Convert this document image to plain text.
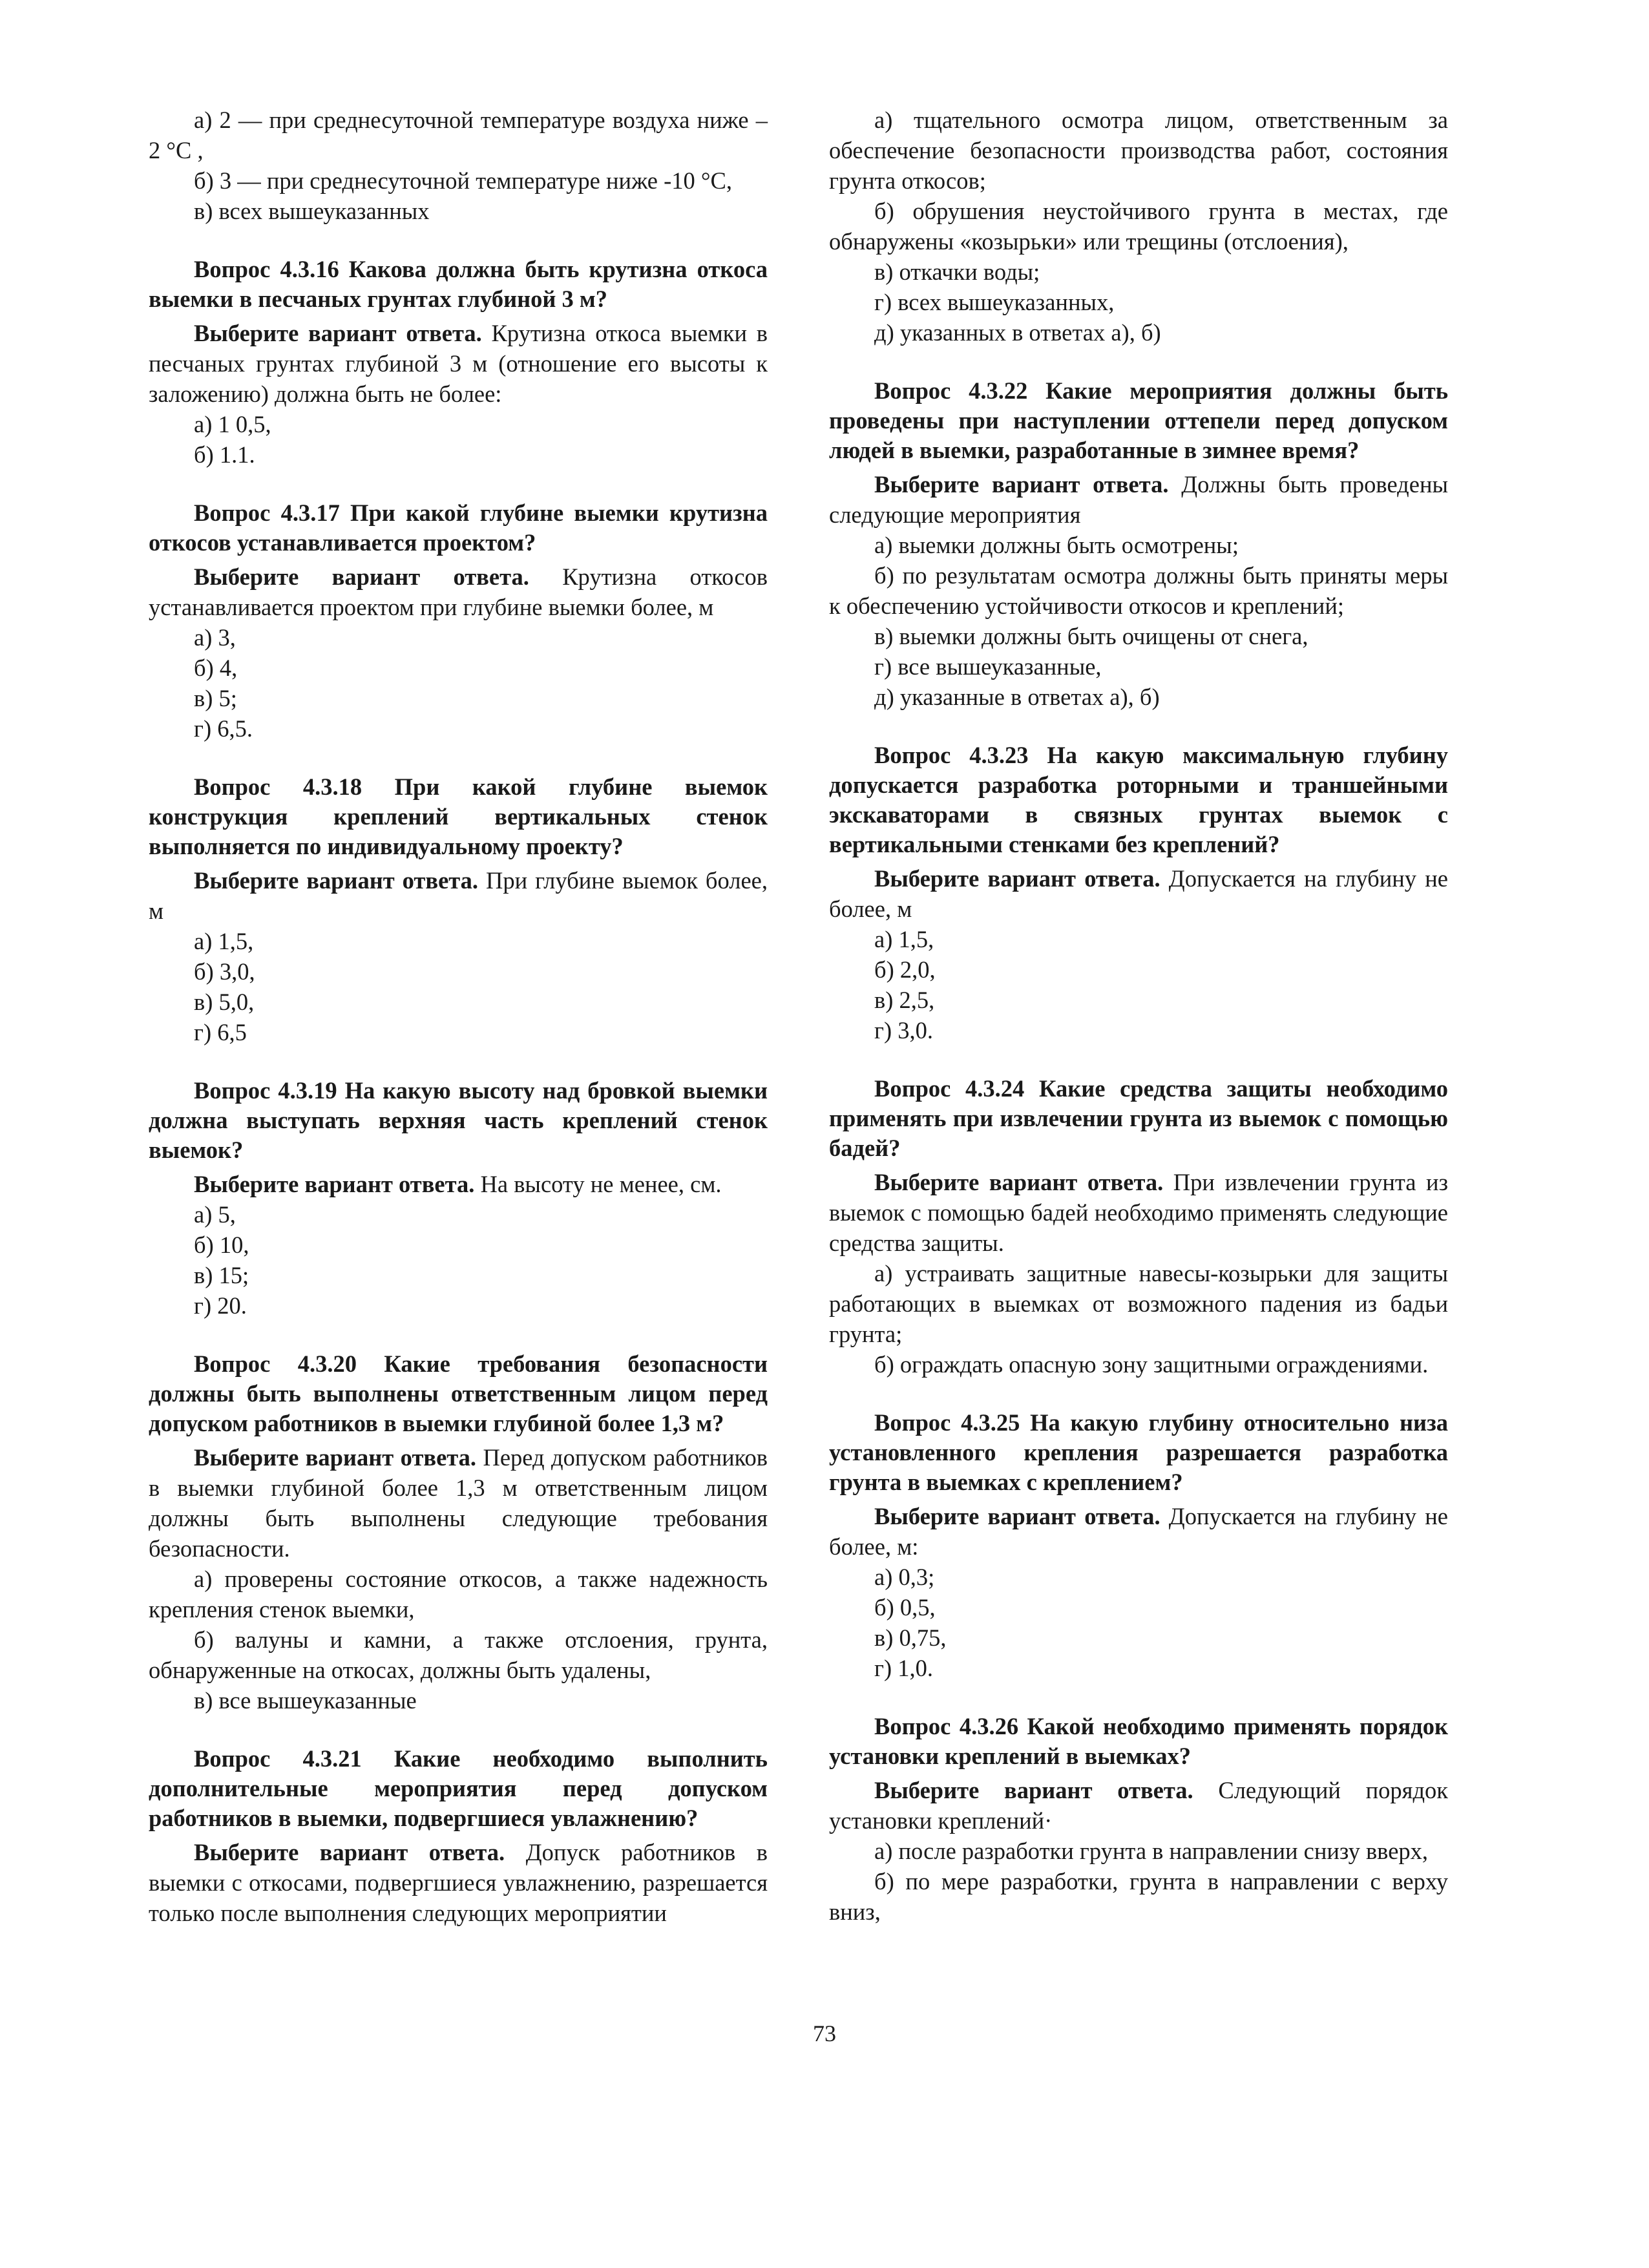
а) 2 — при среднесуточной температуре воздуха ниже –2 °С ,

б) 3 — при среднесуточной температуре ниже -10 °С,

в) всех вышеуказанных

Вопрос 4.3.16 Какова должна быть крутизна откоса выемки в песчаных грунтах глубиной 3 м?

Выберите вариант ответа. Крутизна откоса выемки в песчаных грунтах глубиной 3 м (отношение его высоты к заложению) должна быть не более:

а) 1 0,5,

б) 1.1.

Вопрос 4.3.17 При какой глубине выемки крутизна откосов устанавливается проектом?

Выберите вариант ответа. Крутизна откосов устанавливается проектом при глубине выемки более, м

а) 3,

б) 4,

в) 5;

г) 6,5.

Вопрос 4.3.18 При какой глубине выемок конструкция креплений вертикальных стенок выполняется по индивидуальному проекту?

Выберите вариант ответа. При глубине выемок более, м

а) 1,5,

б) 3,0,

в) 5,0,

г) 6,5

Вопрос 4.3.19 На какую высоту над бровкой выемки должна выступать верхняя часть креплений стенок выемок?

Выберите вариант ответа. На высоту не менее, см.

а) 5,

б) 10,

в) 15;

г) 20.

Вопрос 4.3.20 Какие требования безопасности должны быть выполнены ответственным лицом перед допуском работников в выемки глубиной более 1,3 м?

Выберите вариант ответа. Перед допуском работников в выемки глубиной более 1,3 м ответственным лицом должны быть выполнены следующие требования безопасности.

а) проверены состояние откосов, а также надежность крепления стенок выемки,

б) валуны и камни, а также отслоения, грунта, обнаруженные на откосах, должны быть удалены,

в) все вышеуказанные

Вопрос 4.3.21 Какие необходимо выполнить дополнительные мероприятия перед допуском работников в выемки, подвергшиеся увлажнению?

Выберите вариант ответа. Допуск работников в выемки с откосами, подвергшиеся увлажнению, разрешается только после выполнения следующих мероприятии

а) тщательного осмотра лицом, ответственным за обеспечение безопасности производства работ, состояния грунта откосов;

б) обрушения неустойчивого грунта в местах, где обнаружены «козырьки» или трещины (отслоения),

в) откачки воды;

г) всех вышеуказанных,

д) указанных в ответах а), б)

Вопрос 4.3.22 Какие мероприятия должны быть проведены при наступлении оттепели перед допуском людей в выемки, разработанные в зимнее время?

Выберите вариант ответа. Должны быть проведены следующие мероприятия

а) выемки должны быть осмотрены;

б) по результатам осмотра должны быть приняты меры к обеспечению устойчивости откосов и креплений;

в) выемки должны быть очищены от снега,

г) все вышеуказанные,

д) указанные в ответах а), б)

Вопрос 4.3.23 На какую максимальную глубину допускается разработка роторными и траншейными экскаваторами в связных грунтах выемок с вертикальными стенками без креплений?

Выберите вариант ответа. Допускается на глубину не более, м

а) 1,5,

б) 2,0,

в) 2,5,

г) 3,0.

Вопрос 4.3.24 Какие средства защиты необходимо применять при извлечении грунта из выемок с помощью бадей?

Выберите вариант ответа. При извлечении грунта из выемок с помощью бадей необходимо применять следующие средства защиты.

а) устраивать защитные навесы-козырьки для защиты работающих в выемках от возможного падения из бадьи грунта;

б) ограждать опасную зону защитными ограждениями.

Вопрос 4.3.25 На какую глубину относительно низа установленного крепления разрешается разработка грунта в выемках с креплением?

Выберите вариант ответа. Допускается на глубину не более, м:

а) 0,3;

б) 0,5,

в) 0,75,

г) 1,0.

Вопрос 4.3.26 Какой необходимо применять порядок установки креплений в выемках?

Выберите вариант ответа. Следующий порядок установки креплений·

а) после разработки грунта в направлении снизу вверх,

б) по мере разработки, грунта в направлении с верху вниз,

73
